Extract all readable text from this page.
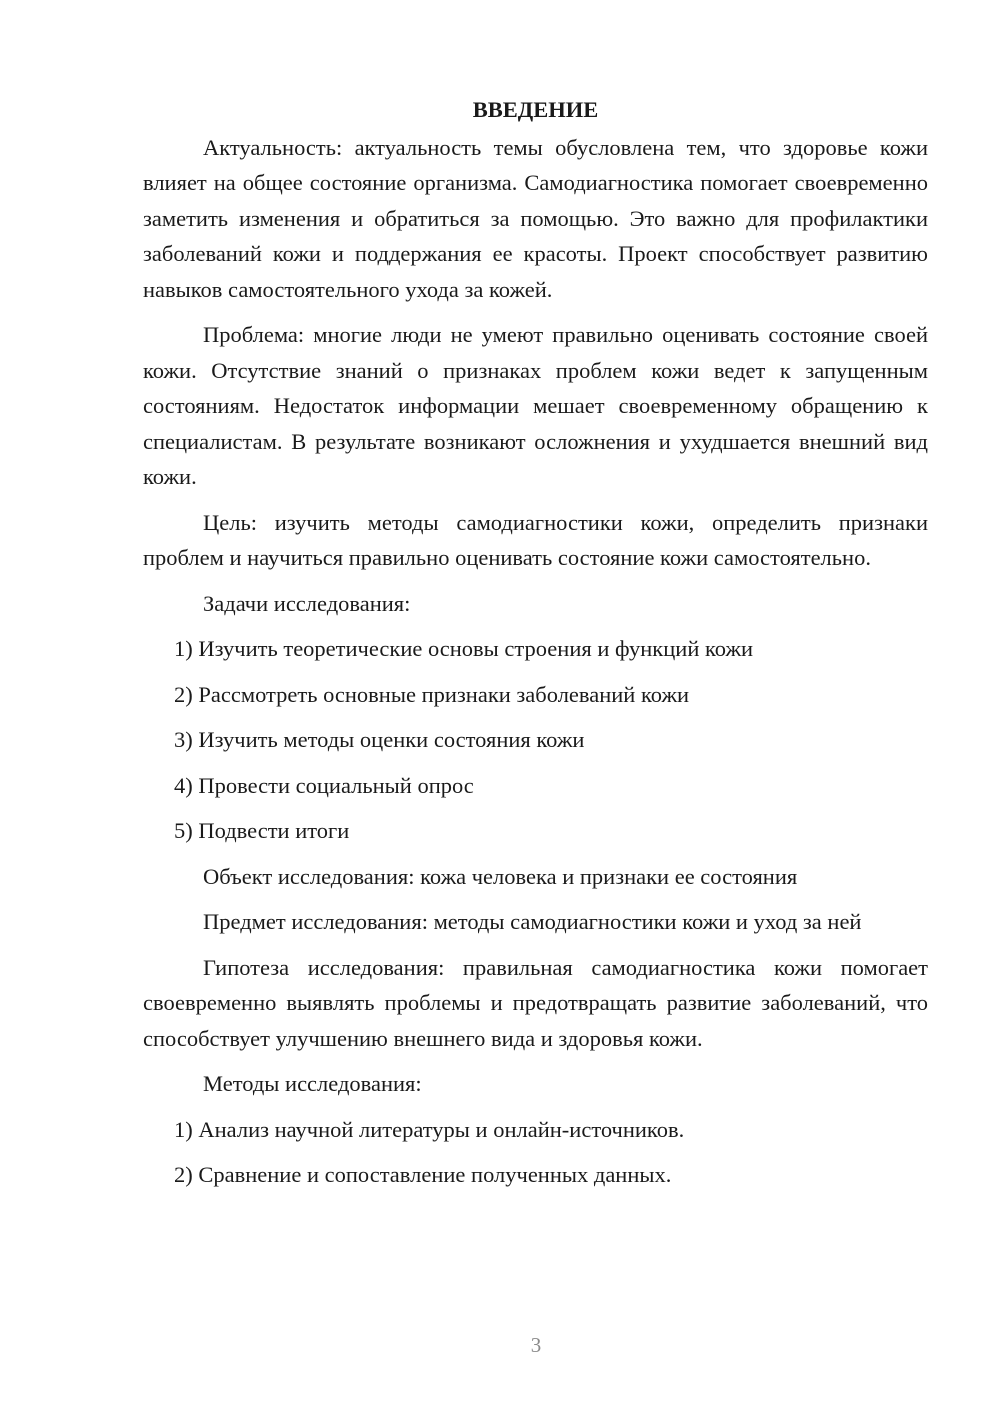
ВВЕДЕНИЕ

Актуальность: актуальность темы обусловлена тем, что здоровье кожи влияет на общее состояние организма. Самодиагностика помогает своевременно заметить изменения и обратиться за помощью. Это важно для профилактики заболеваний кожи и поддержания ее красоты. Проект способствует развитию навыков самостоятельного ухода за кожей.

Проблема: многие люди не умеют правильно оценивать состояние своей кожи. Отсутствие знаний о признаках проблем кожи ведет к запущенным состояниям. Недостаток информации мешает своевременному обращению к специалистам. В результате возникают осложнения и ухудшается внешний вид кожи.

Цель: изучить методы самодиагностики кожи, определить признаки проблем и научиться правильно оценивать состояние кожи самостоятельно.

Задачи исследования:

1) Изучить теоретические основы строения и функций кожи

2) Рассмотреть основные признаки заболеваний кожи

3) Изучить методы оценки состояния кожи

4) Провести социальный опрос

5) Подвести итоги

Объект исследования: кожа человека и признаки ее состояния

Предмет исследования: методы самодиагностики кожи и уход за ней

Гипотеза исследования: правильная самодиагностика кожи помогает своевременно выявлять проблемы и предотвращать развитие заболеваний, что способствует улучшению внешнего вида и здоровья кожи.

Методы исследования:

1) Анализ научной литературы и онлайн-источников.

2) Сравнение и сопоставление полученных данных.

3
